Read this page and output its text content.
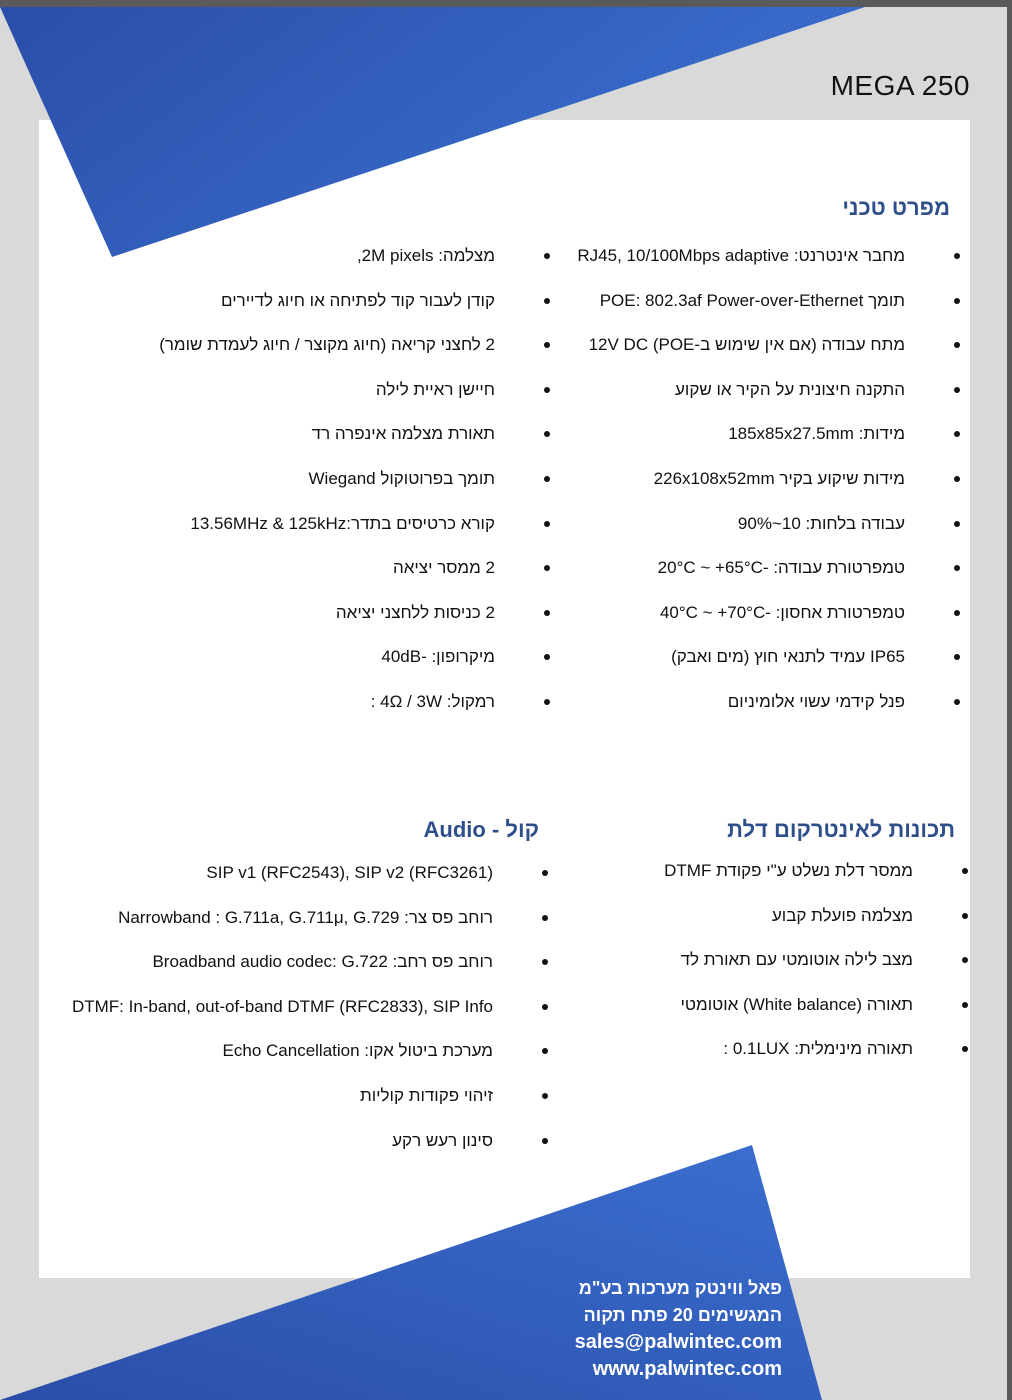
MEGA 250
מפרט טכני
מחבר אינטרנט: RJ45, 10/100Mbps adaptive
תומך POE: 802.3af Power-over-Ethernet
מתח עבודה (אם אין שימוש ב-POE) 12V DC
התקנה חיצונית על הקיר או שקוע
מידות: 185x85x27.5mm
מידות שיקוע בקיר 226x108x52mm
עבודה בלחות: 10~90%
טמפרטורת עבודה: -20°C ~ +65°C
טמפרטורת אחסון: -40°C ~ +70°C
IP65 עמיד לתנאי חוץ (מים ואבק)
פנל קידמי עשוי אלומיניום
מצלמה: 2M pixels,
קודן לעבור קוד לפתיחה או חיוג לדיירים
2 לחצני קריאה (חיוג מקוצר / חיוג לעמדת שומר)
חיישן ראיית לילה
תאורת מצלמה אינפרה רד
תומך בפרוטוקול Wiegand
קורא כרטיסים בתדר:13.56MHz & 125kHz
2 ממסר יציאה
2 כניסות ללחצני יציאה
מיקרופון: -40dB
רמקול: 4Ω / 3W :
תכונות לאינטרקום דלת
ממסר דלת נשלט ע"י פקודת DTMF
מצלמה פועלת קבוע
מצב לילה אוטומטי עם תאורת לד
תאורה (White balance) אוטומטי
תאורה מינימלית: 0.1LUX :
קול - Audio
SIP v1 (RFC2543), SIP v2 (RFC3261)
רוחב פס צר: Narrowband : G.711a, G.711μ, G.729
רוחב פס רחב: Broadband audio codec: G.722
DTMF: In-band, out-of-band DTMF (RFC2833), SIP Info
מערכת ביטול אקו: Echo Cancellation
זיהוי פקודות קוליות
סינון רעש רקע
פאל ווינטק מערכות בע"מ
המגשימים 20 פתח תקוה
sales@palwintec.com
www.palwintec.com
